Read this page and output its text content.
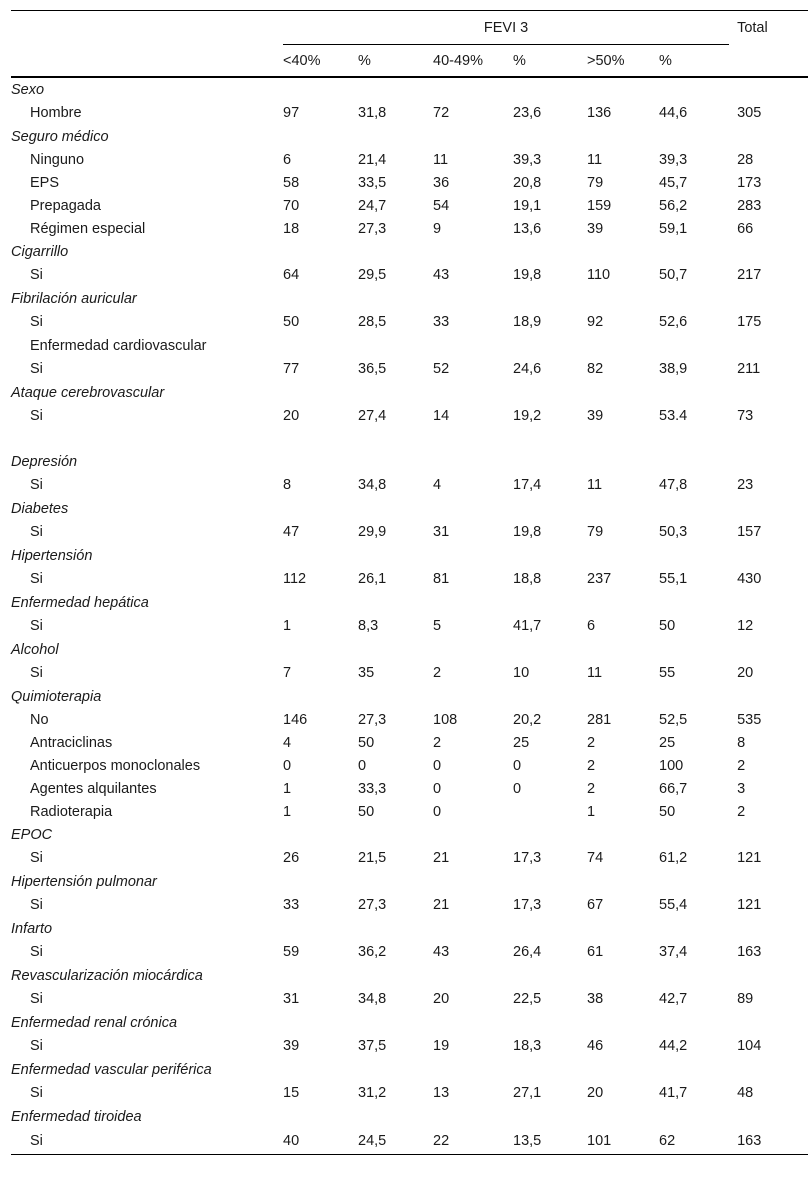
	FEVI 3						Total
	<40%	%	40-49%	%	>50%	%	
Sexo							
Hombre	97	31,8	72	23,6	136	44,6	305
Seguro médico							
Ninguno	6	21,4	11	39,3	11	39,3	28
EPS	58	33,5	36	20,8	79	45,7	173
Prepagada	70	24,7	54	19,1	159	56,2	283
Régimen especial	18	27,3	9	13,6	39	59,1	66
Cigarrillo							
Si	64	29,5	43	19,8	110	50,7	217
Fibrilación auricular							
Si	50	28,5	33	18,9	92	52,6	175
Enfermedad cardiovascular							
Si	77	36,5	52	24,6	82	38,9	211
Ataque cerebrovascular							
Si	20	27,4	14	19,2	39	53.4	73

Depresión							
Si	8	34,8	4	17,4	11	47,8	23
Diabetes							
Si	47	29,9	31	19,8	79	50,3	157
Hipertensión							
Si	112	26,1	81	18,8	237	55,1	430
Enfermedad hepática							
Si	1	8,3	5	41,7	6	50	12
Alcohol							
Si	7	35	2	10	11	55	20
Quimioterapia							
No	146	27,3	108	20,2	281	52,5	535
Antraciclinas	4	50	2	25	2	25	8
Anticuerpos monoclonales	0	0	0	0	2	100	2
Agentes alquilantes	1	33,3	0	0	2	66,7	3
Radioterapia	1	50	0		1	50	2
EPOC							
Si	26	21,5	21	17,3	74	61,2	121
Hipertensión pulmonar							
Si	33	27,3	21	17,3	67	55,4	121
Infarto							
Si	59	36,2	43	26,4	61	37,4	163
Revascularización miocárdica							
Si	31	34,8	20	22,5	38	42,7	89
Enfermedad renal crónica							
Si	39	37,5	19	18,3	46	44,2	104
Enfermedad vascular periférica							
Si	15	31,2	13	27,1	20	41,7	48
Enfermedad tiroidea							
Si	40	24,5	22	13,5	101	62	163
